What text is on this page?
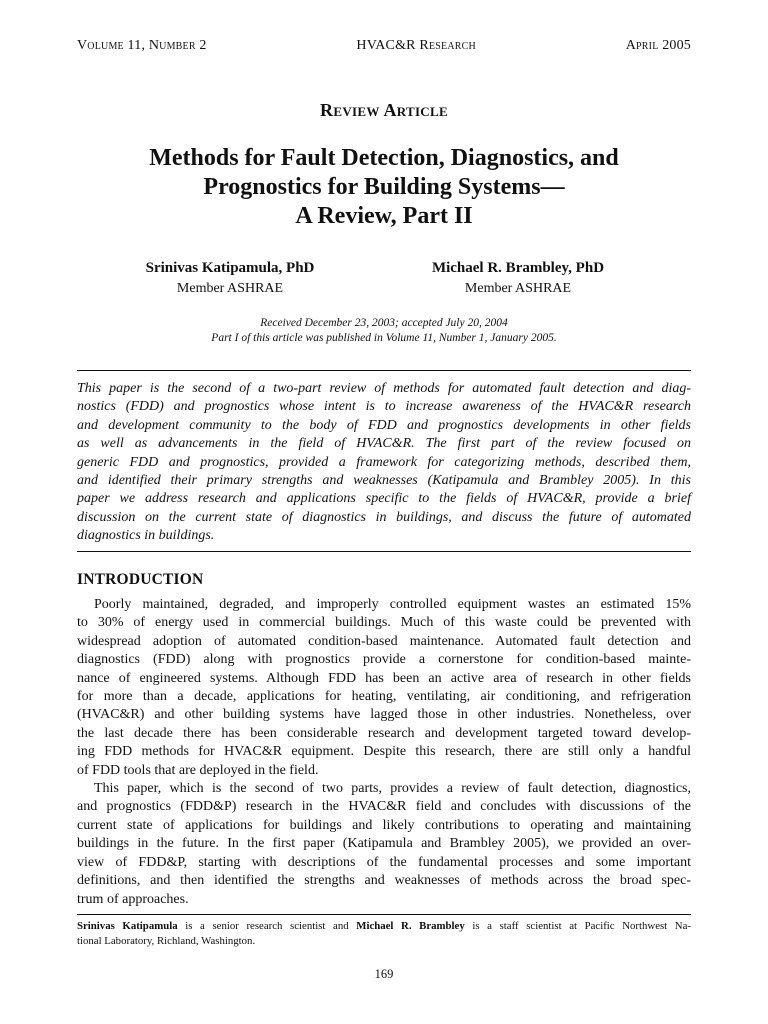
Volume 11, Number 2	HVAC&R Research	April 2005
Review Article
Methods for Fault Detection, Diagnostics, and
Prognostics for Building Systems—
A Review, Part II
Srinivas Katipamula, PhD
Member ASHRAE
Michael R. Brambley, PhD
Member ASHRAE
Received December 23, 2003; accepted July 20, 2004
Part I of this article was published in Volume 11, Number 1, January 2005.
This paper is the second of a two-part review of methods for automated fault detection and diag-
nostics (FDD) and prognostics whose intent is to increase awareness of the HVAC&R research
and development community to the body of FDD and prognostics developments in other fields
as well as advancements in the field of HVAC&R. The first part of the review focused on
generic FDD and prognostics, provided a framework for categorizing methods, described them,
and identified their primary strengths and weaknesses (Katipamula and Brambley 2005). In this
paper we address research and applications specific to the fields of HVAC&R, provide a brief
discussion on the current state of diagnostics in buildings, and discuss the future of automated
diagnostics in buildings.
INTRODUCTION
Poorly maintained, degraded, and improperly controlled equipment wastes an estimated 15%
to 30% of energy used in commercial buildings. Much of this waste could be prevented with
widespread adoption of automated condition-based maintenance. Automated fault detection and
diagnostics (FDD) along with prognostics provide a cornerstone for condition-based mainte-
nance of engineered systems. Although FDD has been an active area of research in other fields
for more than a decade, applications for heating, ventilating, air conditioning, and refrigeration
(HVAC&R) and other building systems have lagged those in other industries. Nonetheless, over
the last decade there has been considerable research and development targeted toward develop-
ing FDD methods for HVAC&R equipment. Despite this research, there are still only a handful
of FDD tools that are deployed in the field.
This paper, which is the second of two parts, provides a review of fault detection, diagnostics,
and prognostics (FDD&P) research in the HVAC&R field and concludes with discussions of the
current state of applications for buildings and likely contributions to operating and maintaining
buildings in the future. In the first paper (Katipamula and Brambley 2005), we provided an over-
view of FDD&P, starting with descriptions of the fundamental processes and some important
definitions, and then identified the strengths and weaknesses of methods across the broad spec-
trum of approaches.
Srinivas Katipamula is a senior research scientist and Michael R. Brambley is a staff scientist at Pacific Northwest Na-
tional Laboratory, Richland, Washington.
169
